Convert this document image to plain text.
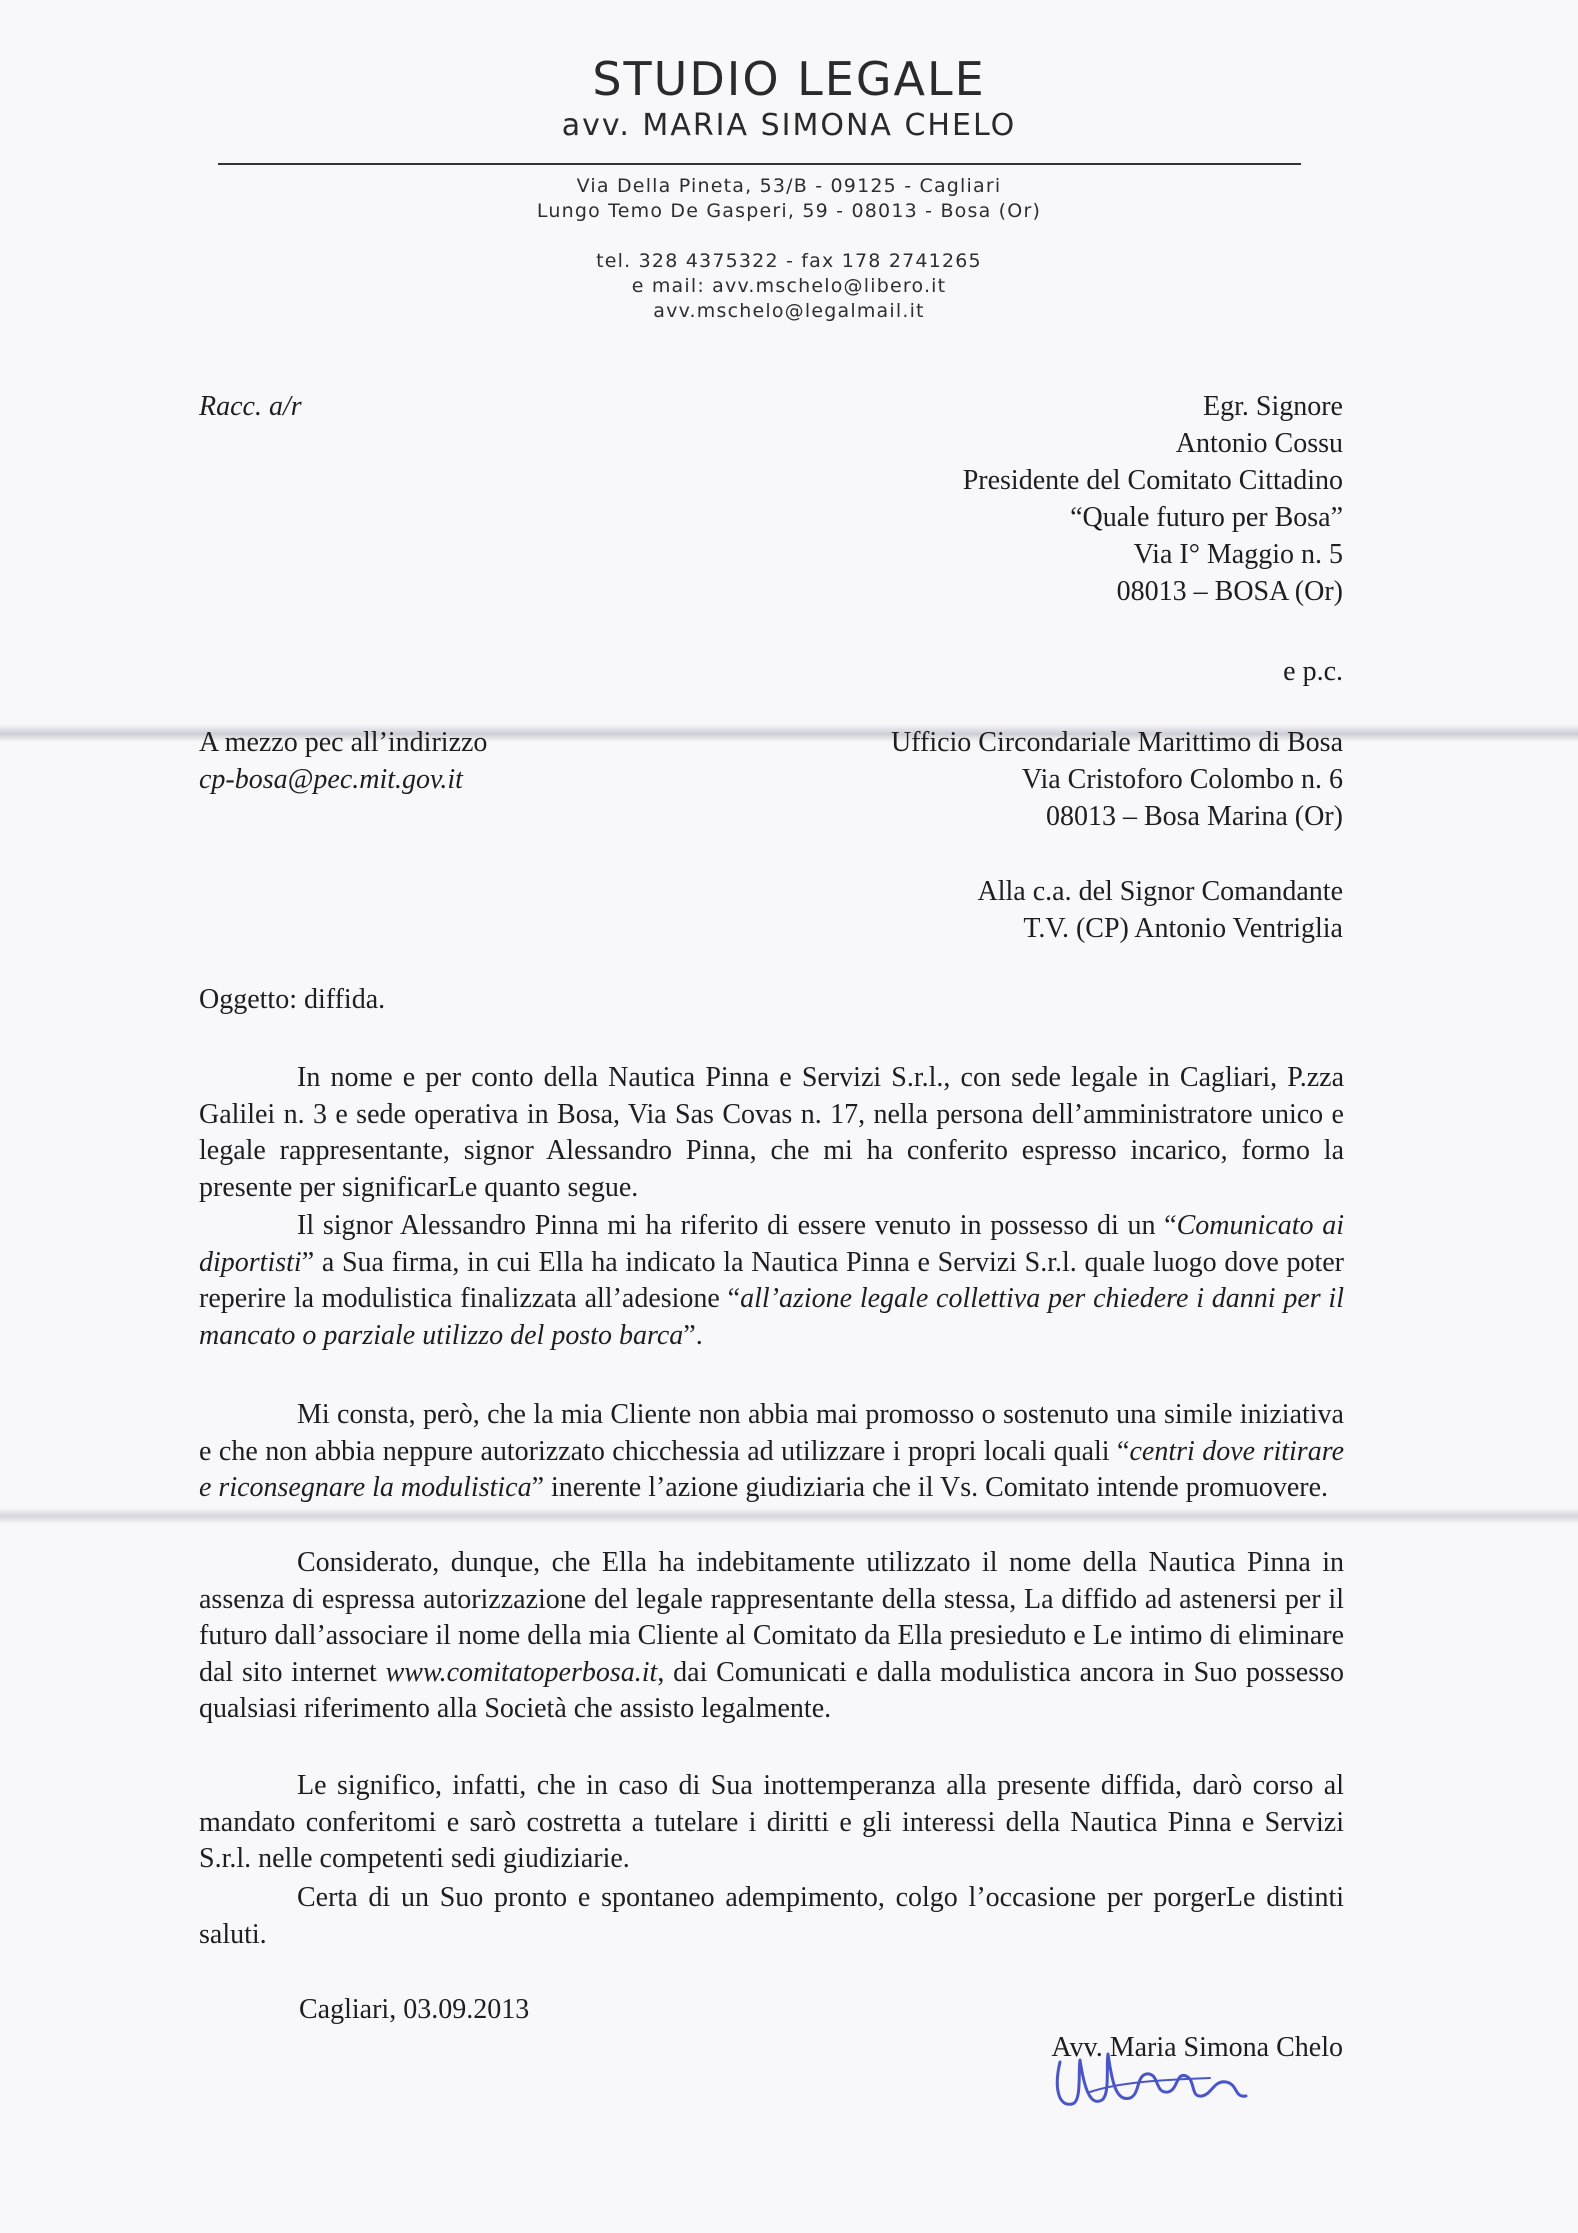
STUDIO LEGALE
avv. MARIA SIMONA CHELO
Via Della Pineta, 53/B - 09125 - Cagliari
Lungo Temo De Gasperi, 59 - 08013 - Bosa (Or)
tel. 328 4375322 - fax 178 2741265
e mail: avv.mschelo@libero.it
avv.mschelo@legalmail.it
Racc. a/r	Egr. Signore
Antonio Cossu
Presidente del Comitato Cittadino
“Quale futuro per Bosa”
Via I° Maggio n. 5
08013 – BOSA (Or)
e p.c.
A mezzo pec all’indirizzo
cp-bosa@pec.mit.gov.it
Ufficio Circondariale Marittimo di Bosa
Via Cristoforo Colombo n. 6
08013 – Bosa Marina (Or)
Alla c.a. del Signor Comandante
T.V. (CP) Antonio Ventriglia
Oggetto: diffida.
In nome e per conto della Nautica Pinna e Servizi S.r.l., con sede legale in Cagliari, P.zza Galilei n. 3 e sede operativa in Bosa, Via Sas Covas n. 17, nella persona dell’amministratore unico e legale rappresentante, signor Alessandro Pinna, che mi ha conferito espresso incarico, formo la presente per significarLe quanto segue.
Il signor Alessandro Pinna mi ha riferito di essere venuto in possesso di un “Comunicato ai diportisti” a Sua firma, in cui Ella ha indicato la Nautica Pinna e Servizi S.r.l. quale luogo dove poter reperire la modulistica finalizzata all’adesione “all’azione legale collettiva per chiedere i danni per il mancato o parziale utilizzo del posto barca”.
Mi consta, però, che la mia Cliente non abbia mai promosso o sostenuto una simile iniziativa e che non abbia neppure autorizzato chicchessia ad utilizzare i propri locali quali “centri dove ritirare e riconsegnare la modulistica” inerente l’azione giudiziaria che il Vs. Comitato intende promuovere.
Considerato, dunque, che Ella ha indebitamente utilizzato il nome della Nautica Pinna in assenza di espressa autorizzazione del legale rappresentante della stessa, La diffido ad astenersi per il futuro dall’associare il nome della mia Cliente al Comitato da Ella presieduto e Le intimo di eliminare dal sito internet www.comitatoperbosa.it, dai Comunicati e dalla modulistica ancora in Suo possesso qualsiasi riferimento alla Società che assisto legalmente.
Le significo, infatti, che in caso di Sua inottemperanza alla presente diffida, darò corso al mandato conferitomi e sarò costretta a tutelare i diritti e gli interessi della Nautica Pinna e Servizi S.r.l. nelle competenti sedi giudiziarie.
Certa di un Suo pronto e spontaneo adempimento, colgo l’occasione per porgerLe distinti saluti.
Cagliari, 03.09.2013
Avv. Maria Simona Chelo
